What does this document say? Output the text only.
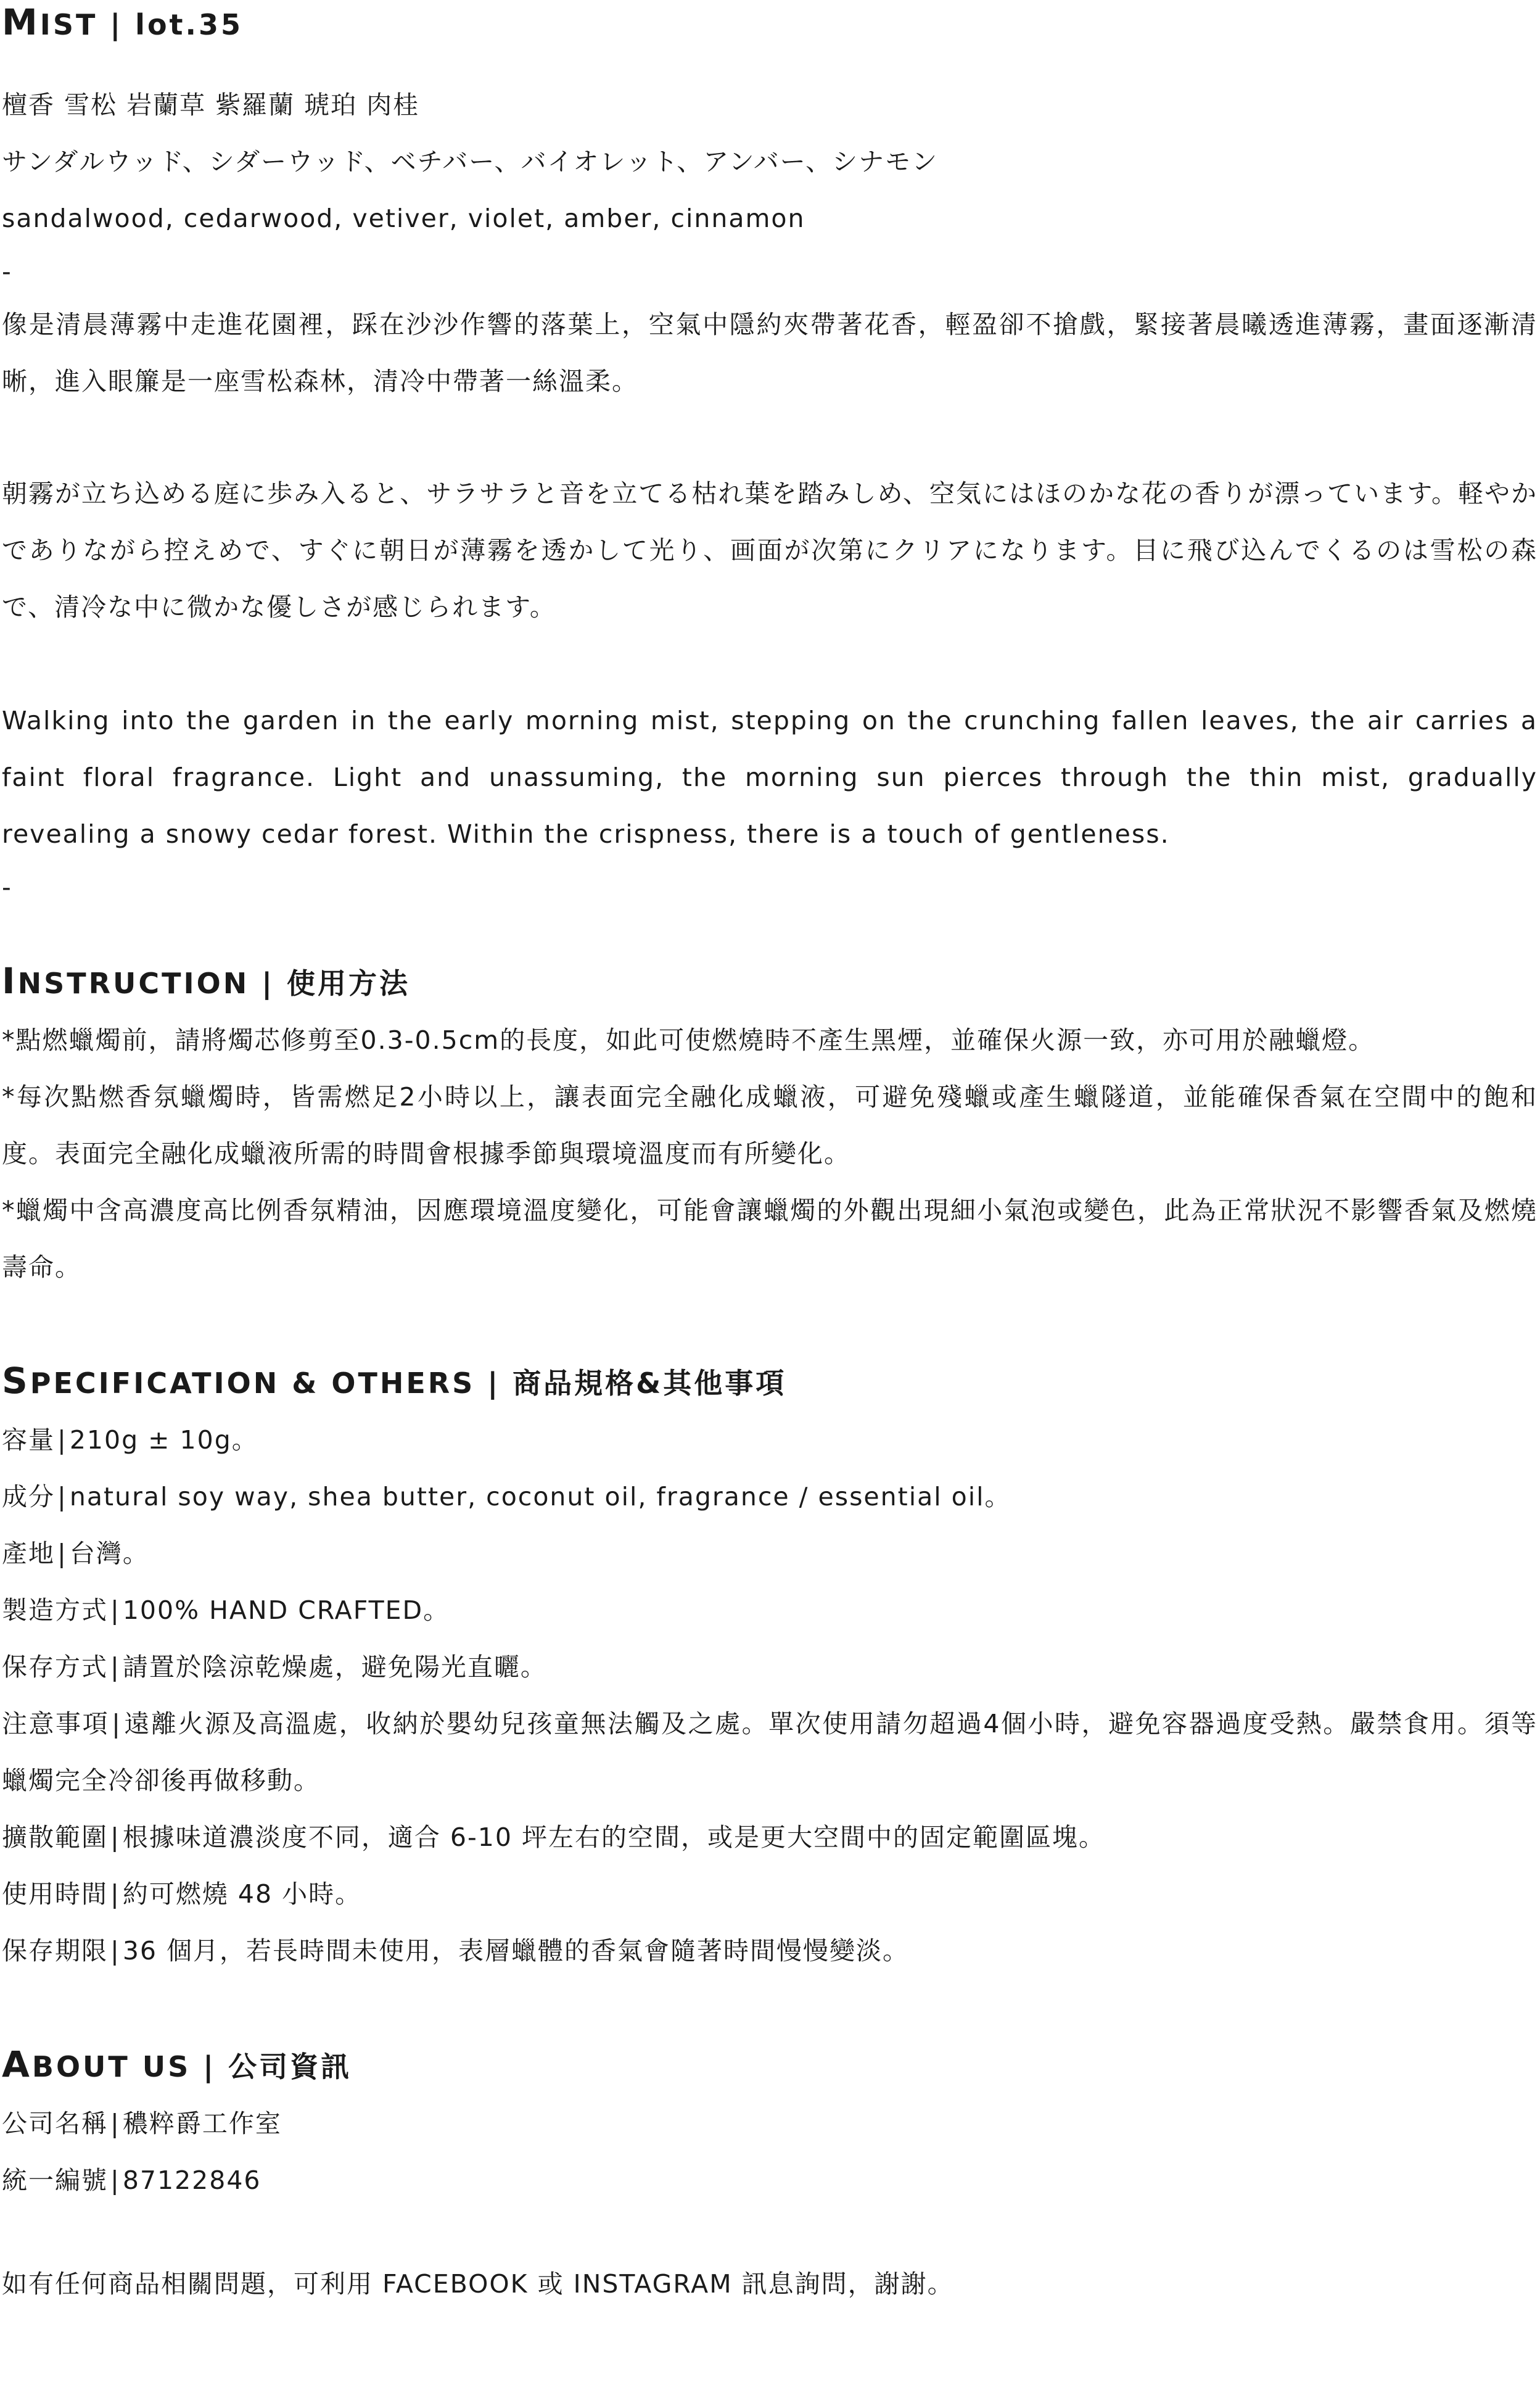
MIST | lot.35

檀香 雪松 岩蘭草 紫羅蘭 琥珀 肉桂

サンダルウッド、シダーウッド、ベチバー、バイオレット、アンバー、シナモン

sandalwood, cedarwood, vetiver, violet, amber, cinnamon

-

像是清晨薄霧中走進花園裡，踩在沙沙作響的落葉上，空氣中隱約夾帶著花香，輕盈卻不搶戲，緊接著晨曦透進薄霧，畫面逐漸清晰，進入眼簾是一座雪松森林，清冷中帶著一絲溫柔。

朝霧が立ち込める庭に歩み入ると、サラサラと音を立てる枯れ葉を踏みしめ、空気にはほのかな花の香りが漂っています。軽やかでありながら控えめで、すぐに朝日が薄霧を透かして光り、画面が次第にクリアになります。目に飛び込んでくるのは雪松の森で、清冷な中に微かな優しさが感じられます。

Walking into the garden in the early morning mist, stepping on the crunching fallen leaves, the air carries a faint floral fragrance. Light and unassuming, the morning sun pierces through the thin mist, gradually revealing a snowy cedar forest. Within the crispness, there is a touch of gentleness.

-

INSTRUCTION | 使用方法

*點燃蠟燭前，請將燭芯修剪至0.3-0.5cm的長度，如此可使燃燒時不產生黑煙，並確保火源一致，亦可用於融蠟燈。

*每次點燃香氛蠟燭時，皆需燃足2小時以上，讓表面完全融化成蠟液，可避免殘蠟或產生蠟隧道，並能確保香氣在空間中的飽和度。表面完全融化成蠟液所需的時間會根據季節與環境溫度而有所變化。

*蠟燭中含高濃度高比例香氛精油，因應環境溫度變化，可能會讓蠟燭的外觀出現細小氣泡或變色，此為正常狀況不影響香氣及燃燒壽命。

SPECIFICATION & OTHERS | 商品規格&其他事項

容量|210g ± 10g。

成分|natural soy way, shea butter, coconut oil, fragrance / essential oil。

產地|台灣。

製造方式|100% HAND CRAFTED。

保存方式|請置於陰涼乾燥處，避免陽光直曬。

注意事項|遠離火源及高溫處，收納於嬰幼兒孩童無法觸及之處。單次使用請勿超過4個小時，避免容器過度受熱。嚴禁食用。須等蠟燭完全冷卻後再做移動。

擴散範圍|根據味道濃淡度不同，適合 6-10 坪左右的空間，或是更大空間中的固定範圍區塊。

使用時間|約可燃燒 48 小時。

保存期限|36 個月，若長時間未使用，表層蠟體的香氣會隨著時間慢慢變淡。

ABOUT US | 公司資訊

公司名稱|穠粹爵工作室

統一編號|87122846

如有任何商品相關問題，可利用 FACEBOOK 或 INSTAGRAM 訊息詢問，謝謝。
